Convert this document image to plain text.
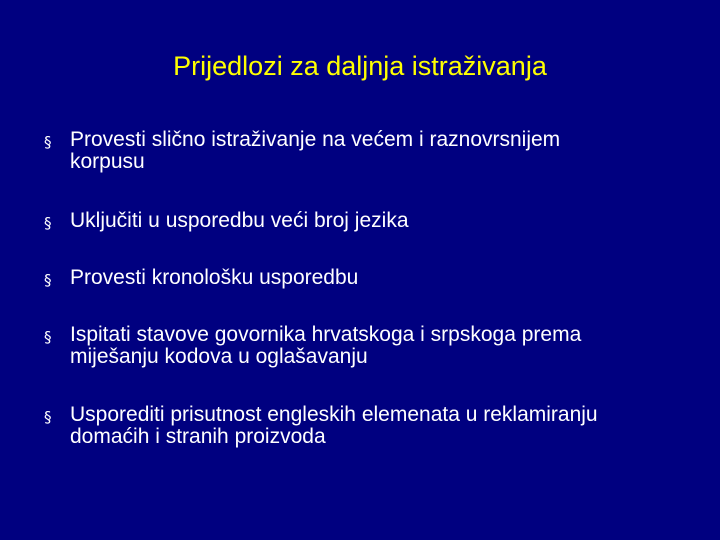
Prijedlozi za daljnja istraživanja
§ Provesti slično istraživanje na većem i raznovrsnijem
korpusu
§ Uključiti u usporedbu veći broj jezika
§ Provesti kronološku usporedbu
§ Ispitati stavove govornika hrvatskoga i srpskoga prema
miješanju kodova u oglašavanju
§ Usporediti prisutnost engleskih elemenata u reklamiranju
domaćih i stranih proizvoda
